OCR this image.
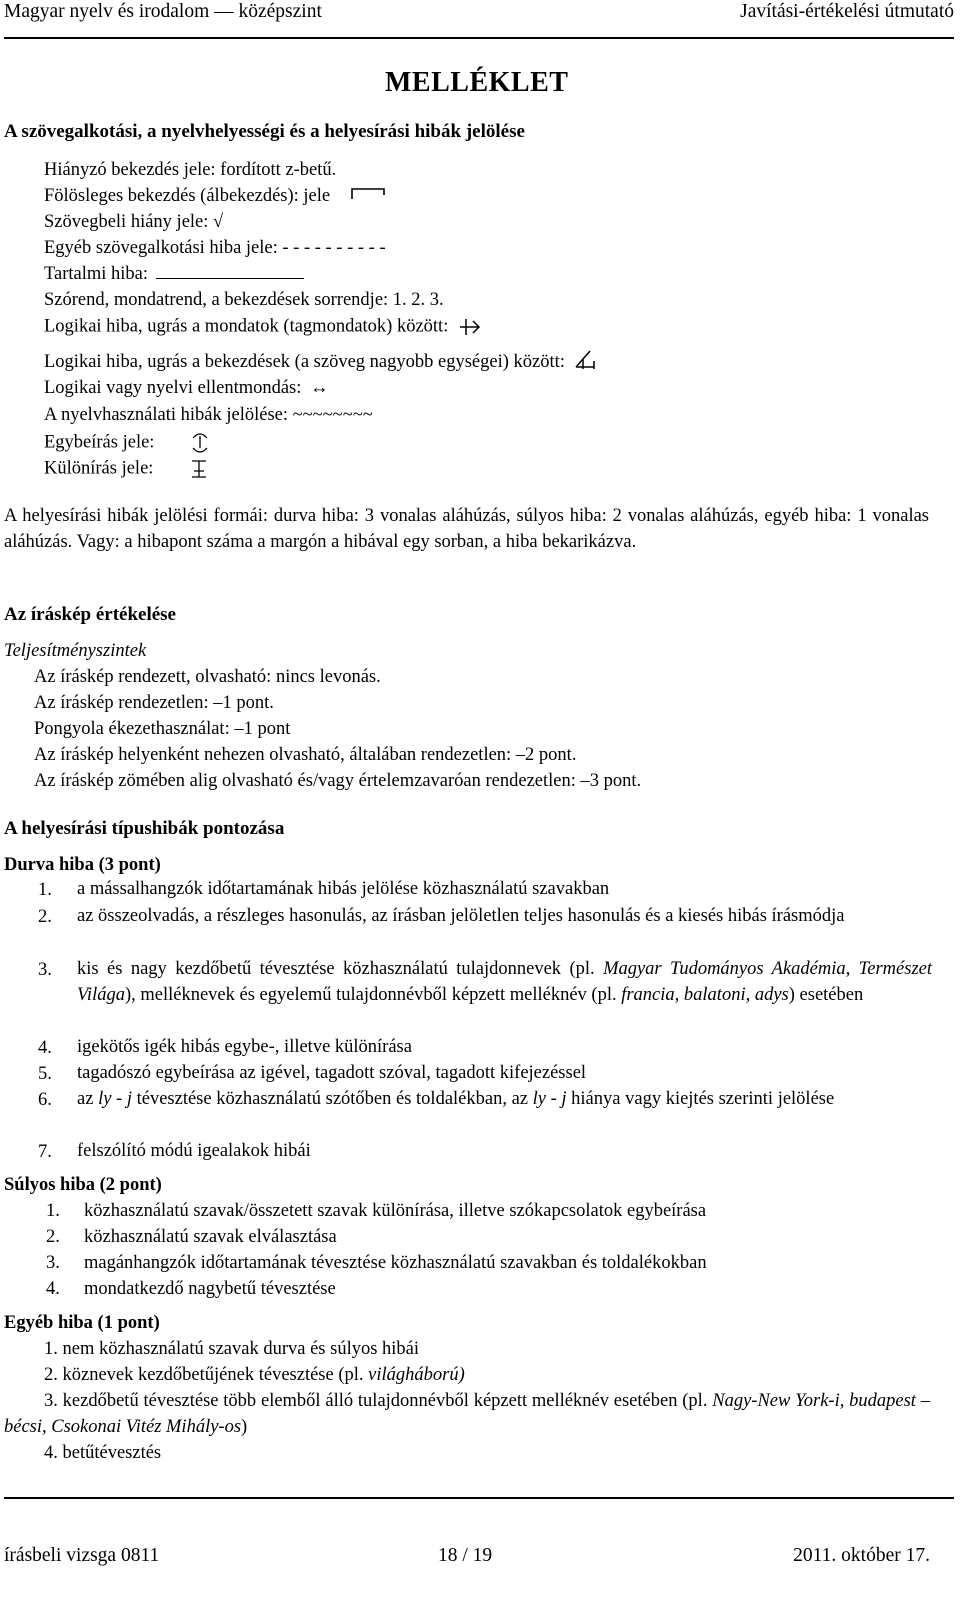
Magyar nyelv és irodalom — középszint	Javítási-értékelési útmutató
MELLÉKLET
A szövegalkotási, a nyelvhelyességi és a helyesírási hibák jelölése
Hiányzó bekezdés jele: fordított z-betű.
Fölösleges bekezdés (álbekezdés): jele
Szövegbeli hiány jele: √
Egyéb szövegalkotási hiba jele: - - - - - - - - - -
Tartalmi hiba:
Szórend, mondatrend, a bekezdések sorrendje: 1. 2. 3.
Logikai hiba, ugrás a mondatok (tagmondatok) között:
Logikai hiba, ugrás a bekezdések (a szöveg nagyobb egységei) között:
Logikai vagy nyelvi ellentmondás: ↔
A nyelvhasználati hibák jelölése: ~~~~~~~~
Egybeírás jele:
Különírás jele:
A helyesírási hibák jelölési formái: durva hiba: 3 vonalas aláhúzás, súlyos hiba: 2 vonalas aláhúzás, egyéb hiba: 1 vonalas aláhúzás. Vagy: a hibapont száma a margón a hibával egy sorban, a hiba bekarikázva.
Az íráskép értékelése
Teljesítményszintek
Az íráskép rendezett, olvasható: nincs levonás.
Az íráskép rendezetlen: –1 pont.
Pongyola ékezethasználat: –1 pont
Az íráskép helyenként nehezen olvasható, általában rendezetlen: –2 pont.
Az íráskép zömében alig olvasható és/vagy értelemzavaróan rendezetlen: –3 pont.
A helyesírási típushibák pontozása
Durva hiba (3 pont)
1. a mássalhangzók időtartamának hibás jelölése közhasználatú szavakban
2. az összeolvadás, a részleges hasonulás, az írásban jelöletlen teljes hasonulás és a kiesés hibás írásmódja
3. kis és nagy kezdőbetű tévesztése közhasználatú tulajdonnevek (pl. Magyar Tudományos Akadémia, Természet Világa), melléknevek és egyelemű tulajdonnévből képzett melléknév (pl. francia, balatoni, adys) esetében
4. igekötős igék hibás egybe-, illetve különírása
5. tagadószó egybeírása az igével, tagadott szóval, tagadott kifejezéssel
6. az ly - j tévesztése közhasználatú szótőben és toldalékban, az ly - j hiánya vagy kiejtés szerinti jelölése
7. felszólító módú igealakok hibái
Súlyos hiba (2 pont)
1. közhasználatú szavak/összetett szavak különírása, illetve szókapcsolatok egybeírása
2. közhasználatú szavak elválasztása
3. magánhangzók időtartamának tévesztése közhasználatú szavakban és toldalékokban
4. mondatkezdő nagybetű tévesztése
Egyéb hiba (1 pont)
1. nem közhasználatú szavak durva és súlyos hibái
2. köznevek kezdőbetűjének tévesztése (pl. világháború)
3. kezdőbetű tévesztése több elemből álló tulajdonnévből képzett melléknév esetében (pl. Nagy-New York-i, budapest – bécsi, Csokonai Vitéz Mihály-os)
4. betűtévesztés
írásbeli vizsga 0811	18 / 19	2011. október 17.
